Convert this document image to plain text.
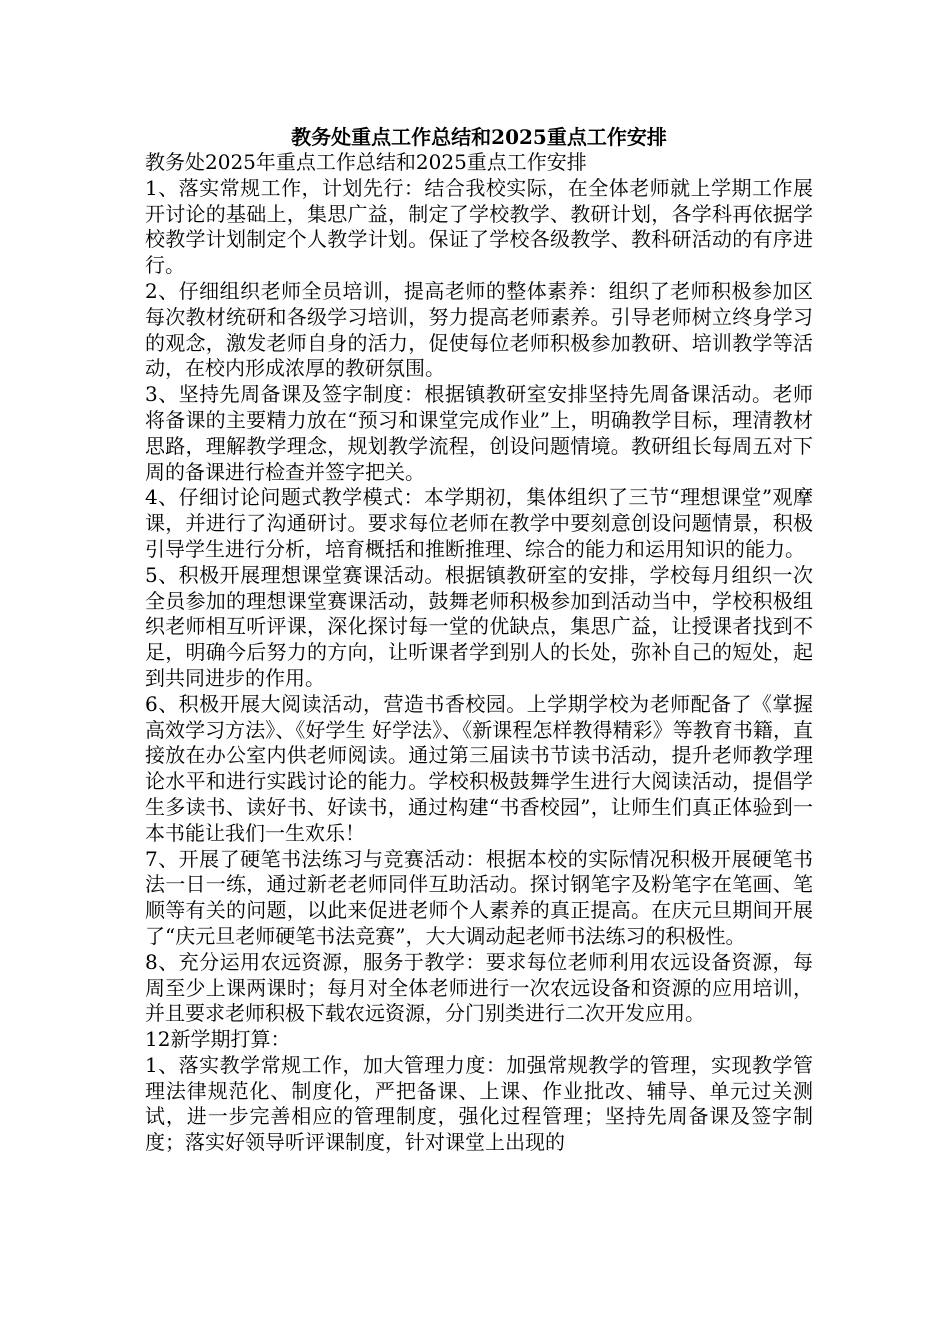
教务处重点工作总结和2025重点工作安排

教务处2025年重点工作总结和2025重点工作安排

1、落实常规工作，计划先行：结合我校实际，在全体老师就上学期工作展开讨论的基础上，集思广益，制定了学校教学、教研计划，各学科再依据学校教学计划制定个人教学计划。保证了学校各级教学、教科研活动的有序进行。

2、仔细组织老师全员培训，提高老师的整体素养：组织了老师积极参加区每次教材统研和各级学习培训，努力提高老师素养。引导老师树立终身学习的观念，激发老师自身的活力，促使每位老师积极参加教研、培训教学等活动，在校内形成浓厚的教研氛围。

3、坚持先周备课及签字制度：根据镇教研室安排坚持先周备课活动。老师将备课的主要精力放在“预习和课堂完成作业”上，明确教学目标，理清教材思路，理解教学理念，规划教学流程，创设问题情境。教研组长每周五对下周的备课进行检查并签字把关。

4、仔细讨论问题式教学模式：本学期初，集体组织了三节“理想课堂”观摩课，并进行了沟通研讨。要求每位老师在教学中要刻意创设问题情景，积极引导学生进行分析，培育概括和推断推理、综合的能力和运用知识的能力。

5、积极开展理想课堂赛课活动。根据镇教研室的安排，学校每月组织一次全员参加的理想课堂赛课活动，鼓舞老师积极参加到活动当中，学校积极组织老师相互听评课，深化探讨每一堂的优缺点，集思广益，让授课者找到不足，明确今后努力的方向，让听课者学到别人的长处，弥补自己的短处，起到共同进步的作用。

6、积极开展大阅读活动，营造书香校园。上学期学校为老师配备了《掌握高效学习方法》、《好学生 好学法》、《新课程怎样教得精彩》等教育书籍，直接放在办公室内供老师阅读。通过第三届读书节读书活动，提升老师教学理论水平和进行实践讨论的能力。学校积极鼓舞学生进行大阅读活动，提倡学生多读书、读好书、好读书，通过构建“书香校园”，让师生们真正体验到一本书能让我们一生欢乐！

7、开展了硬笔书法练习与竞赛活动：根据本校的实际情况积极开展硬笔书法一日一练，通过新老老师同伴互助活动。探讨钢笔字及粉笔字在笔画、笔顺等有关的问题，以此来促进老师个人素养的真正提高。在庆元旦期间开展了“庆元旦老师硬笔书法竞赛”，大大调动起老师书法练习的积极性。

8、充分运用农远资源，服务于教学：要求每位老师利用农远设备资源，每周至少上课两课时；每月对全体老师进行一次农远设备和资源的应用培训，并且要求老师积极下载农远资源，分门别类进行二次开发应用。

12新学期打算：

1、落实教学常规工作，加大管理力度：加强常规教学的管理，实现教学管理法律规范化、制度化，严把备课、上课、作业批改、辅导、单元过关测试，进一步完善相应的管理制度，强化过程管理；坚持先周备课及签字制度；落实好领导听评课制度，针对课堂上出现的
